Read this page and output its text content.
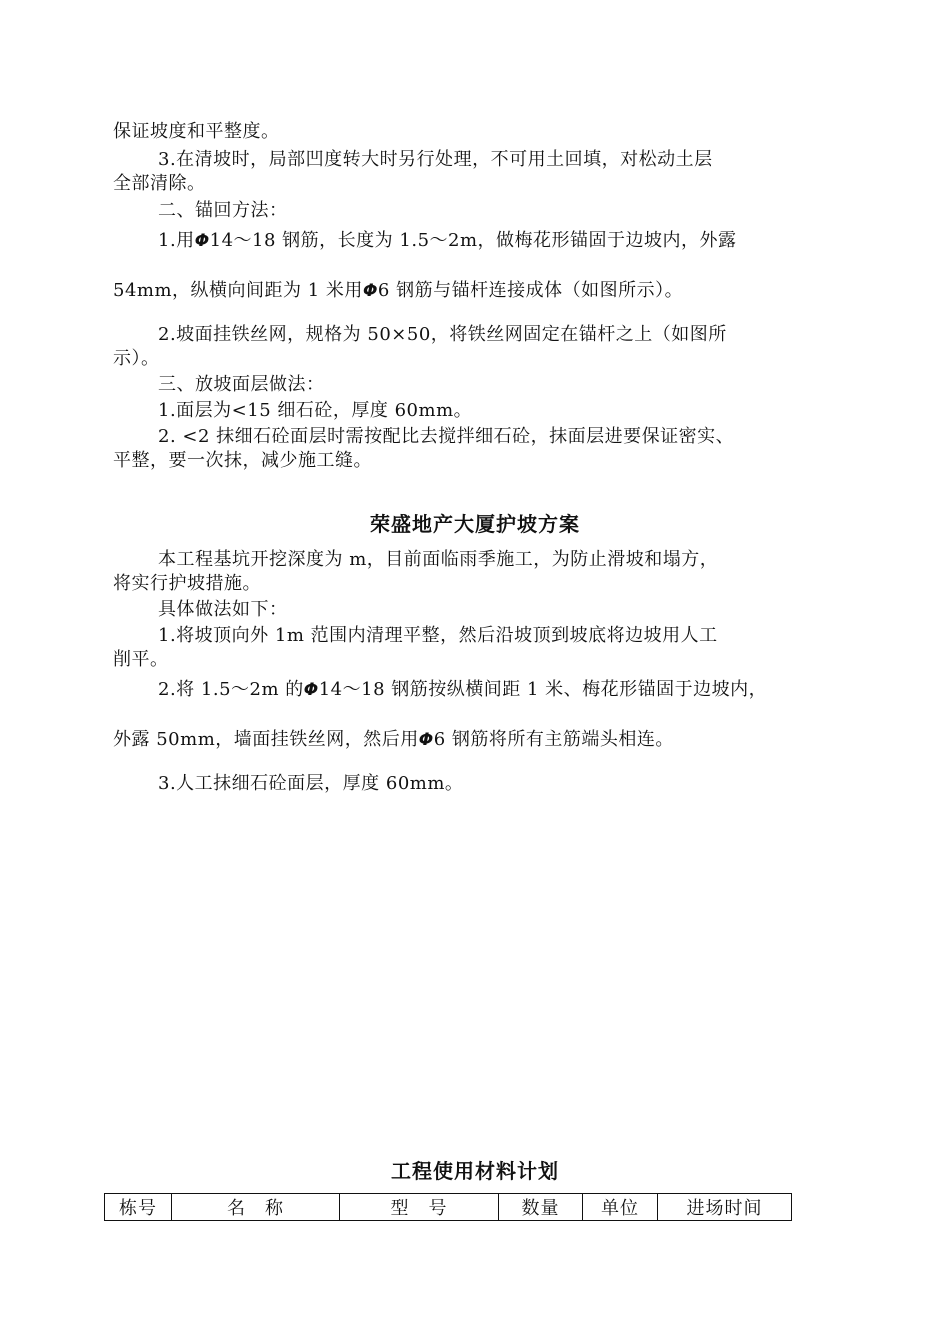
保证坡度和平整度。
3.在清坡时，局部凹度转大时另行处理，不可用土回填，对松动土层
全部清除。
二、锚回方法：
1.用Φ14～18 钢筋，长度为 1.5～2m，做梅花形锚固于边坡内，外露
54mm，纵横向间距为 1 米用Φ6 钢筋与锚杆连接成体（如图所示）。
2.坡面挂铁丝网，规格为 50×50，将铁丝网固定在锚杆之上（如图所
示）。
三、放坡面层做法：
1.面层为<15 细石砼，厚度 60mm。
2. <2 抹细石砼面层时需按配比去搅拌细石砼，抹面层进要保证密实、
平整，要一次抹，减少施工缝。
荣盛地产大厦护坡方案
本工程基坑开挖深度为 m，目前面临雨季施工，为防止滑坡和塌方，
将实行护坡措施。
具体做法如下：
1.将坡顶向外 1m 范围内清理平整，然后沿坡顶到坡底将边坡用人工
削平。
2.将 1.5～2m 的Φ14～18 钢筋按纵横间距 1 米、梅花形锚固于边坡内，
外露 50mm，墙面挂铁丝网，然后用Φ6 钢筋将所有主筋端头相连。
3.人工抹细石砼面层，厚度 60mm。
工程使用材料计划
栋号	名　称	型　号	数量	单位	进场时间
